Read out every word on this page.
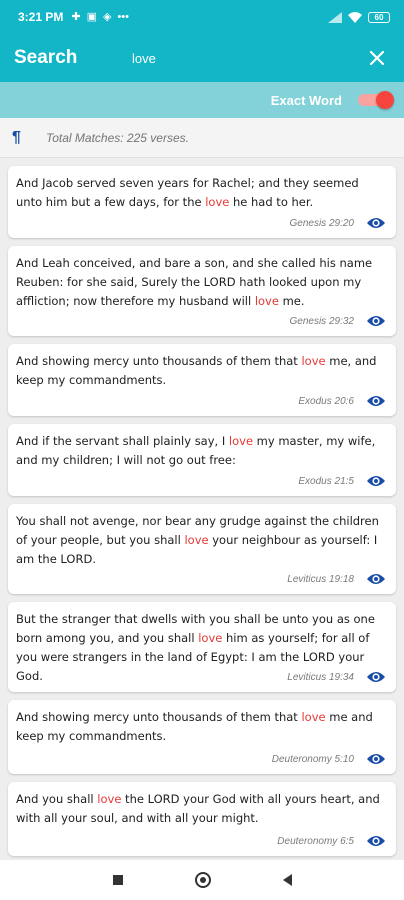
3:21 PM ✚ ▣ ◈ •••	60
Search
love
Exact Word
¶	Total Matches: 225 verses.
And Jacob served seven years for Rachel; and they seemed unto him but a few days, for the love he had to her.
Genesis 29:20
And Leah conceived, and bare a son, and she called his name Reuben: for she said, Surely the LORD hath looked upon my affliction; now therefore my husband will love me.
Genesis 29:32
And showing mercy unto thousands of them that love me, and keep my commandments.
Exodus 20:6
And if the servant shall plainly say, I love my master, my wife, and my children; I will not go out free:
Exodus 21:5
You shall not avenge, nor bear any grudge against the children of your people, but you shall love your neighbour as yourself: I am the LORD.
Leviticus 19:18
But the stranger that dwells with you shall be unto you as one born among you, and you shall love him as yourself; for all of you were strangers in the land of Egypt: I am the LORD your God.	Leviticus 19:34
And showing mercy unto thousands of them that love me and keep my commandments.
Deuteronomy 5:10
And you shall love the LORD your God with all yours heart, and with all your soul, and with all your might.
Deuteronomy 6:5
